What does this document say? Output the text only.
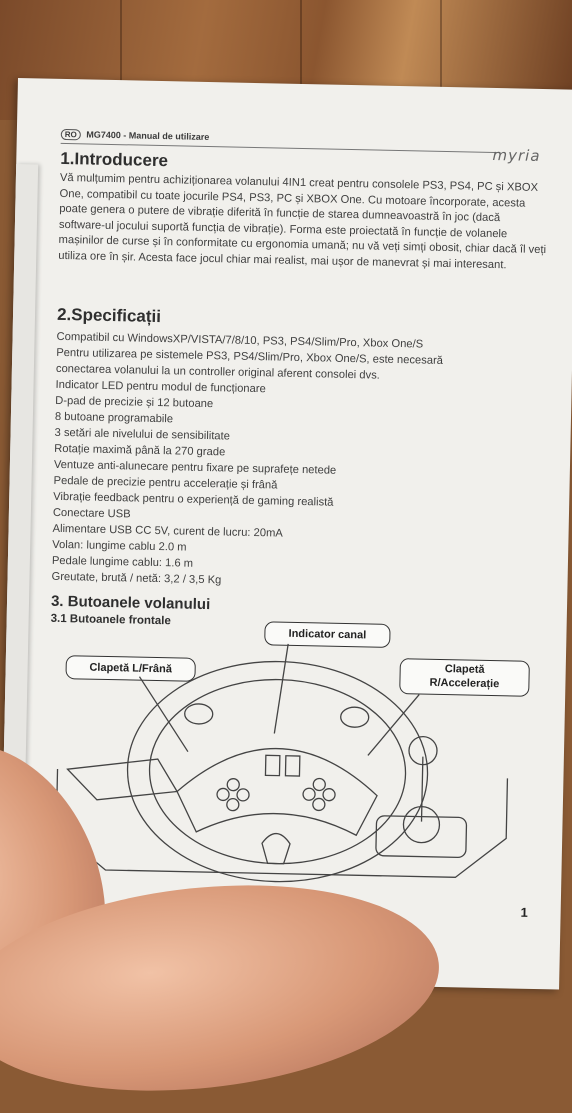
RO MG7400 - Manual de utilizare
myria
1.Introducere
Vă mulțumim pentru achiziționarea volanului 4IN1 creat pentru consolele PS3, PS4, PC și XBOX One, compatibil cu toate jocurile PS4, PS3, PC și XBOX One. Cu motoare încorporate, acesta poate genera o putere de vibrație diferită în funcție de starea dumneavoastră în joc (dacă software-ul jocului suportă funcția de vibrație). Forma este proiectată în funcție de volanele mașinilor de curse și în conformitate cu ergonomia umană; nu vă veți simți obosit, chiar dacă îl veți utiliza ore în șir. Acesta face jocul chiar mai realist, mai ușor de manevrat și mai interesant.
2.Specificații
Compatibil cu WindowsXP/VISTA/7/8/10, PS3, PS4/Slim/Pro, Xbox One/S
Pentru utilizarea pe sistemele PS3, PS4/Slim/Pro, Xbox One/S, este necesară
conectarea volanului la un controller original aferent consolei dvs.
Indicator LED pentru modul de funcționare
D-pad de precizie și 12 butoane
8 butoane programabile
3 setări ale nivelului de sensibilitate
Rotație maximă până la 270 grade
Ventuze anti-alunecare pentru fixare pe suprafețe netede
Pedale de precizie pentru accelerație și frână
Vibrație feedback pentru o experiență de gaming realistă
Conectare USB
Alimentare USB CC 5V, curent de lucru: 20mA
Volan: lungime cablu 2.0 m
Pedale lungime cablu: 1.6 m
Greutate, brută / netă: 3,2 / 3,5 Kg
3. Butoanele volanului
3.1 Butoanele frontale
Indicator canal
Clapetă L/Frână	Clapetă
R/Accelerație
1
